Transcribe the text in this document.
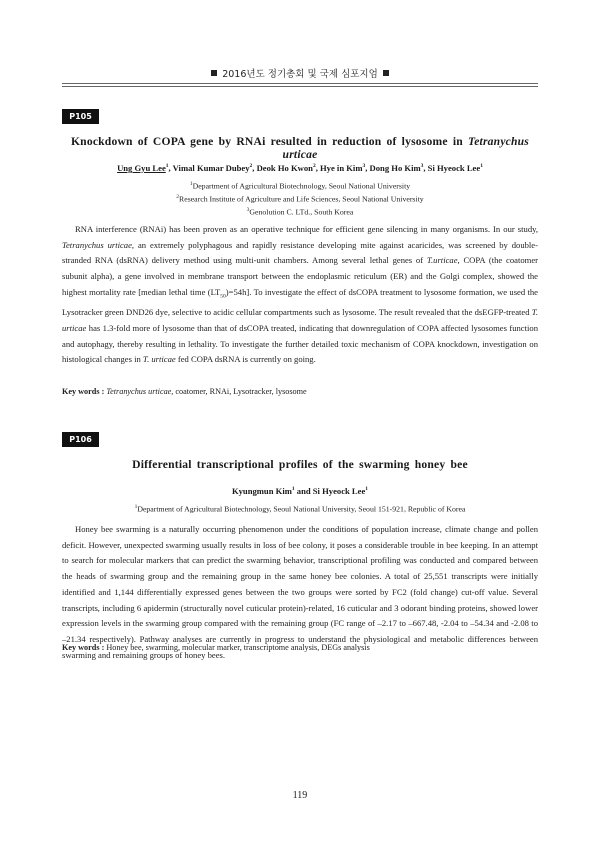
2016년도 정기총회 및 국제 심포지엄
P105
Knockdown of COPA gene by RNAi resulted in reduction of lysosome in Tetranychus urticae
Ung Gyu Lee$^1$, Vimal Kumar Dubey$^2$, Deok Ho Kwon$^2$, Hye in Kim$^3$, Dong Ho Kim$^3$, Si Hyeock Lee$^1$
$^1$Department of Agricultural Biotechnology, Seoul National University
$^2$Research Institute of Agriculture and Life Sciences, Seoul National University
$^3$Genolution C. LTd., South Korea

RNA interference (RNAi) has been proven as an operative technique for efficient gene silencing in many organisms. In our study, Tetranychus urticae, an extremely polyphagous and rapidly resistance developing mite against acaricides, was screened by double-stranded RNA (dsRNA) delivery method using multi-unit chambers. Among several lethal genes of T.urticae, COPA (the coatomer subunit alpha), a gene involved in membrane transport between the endoplasmic reticulum (ER) and the Golgi complex, showed the highest mortality rate [median lethal time $(LT_{50})=54h$]. To investigate the effect of dsCOPA treatment to lysosome formation, we used the Lysotracker green DND26 dye, selective to acidic cellular compartments such as lysosome. The result revealed that the dsEGFP-treated T. urticae has 1.3-fold more of lysosome than that of dsCOPA treated, indicating that downregulation of COPA affected lysosomes function and autophagy, thereby resulting in lethality. To investigate the further detailed toxic mechanism of COPA knockdown, investigation on histological changes in T. urticae fed COPA dsRNA is currently on going.

Key words : Tetranychus urticae, coatomer, RNAi, Lysotracker, lysosome
P106
Differential transcriptional profiles of the swarming honey bee
Kyungmun Kim$^1$ and Si Hyeock Lee$^1$
$^1$Department of Agricultural Biotechnology, Seoul National University, Seoul 151-921, Republic of Korea

Honey bee swarming is a naturally occurring phenomenon under the conditions of population increase, climate change and pollen deficit. However, unexpected swarming usually results in loss of bee colony, it poses a considerable trouble in bee keeping. In an attempt to search for molecular markers that can predict the swarming behavior, transcriptional profiling was conducted and compared between the heads of swarming group and the remaining group in the same honey bee colonies. A total of 25,551 transcripts were initially identified and 1,144 differentially expressed genes between the two groups were sorted by FC2 (fold change) cut-off value. Several transcripts, including 6 apidermin (structurally novel cuticular protein)-related, 16 cuticular and 3 odorant binding proteins, showed lower expression levels in the swarming group compared with the remaining group (FC range of –2.17 to –667.48, -2.04 to –54.34 and -2.08 to –21.34 respectively). Pathway analyses are currently in progress to understand the physiological and metabolic differences between swarming and remaining groups of honey bees.

Key words : Honey bee, swarming, molecular marker, transcriptome analysis, DEGs analysis
119
